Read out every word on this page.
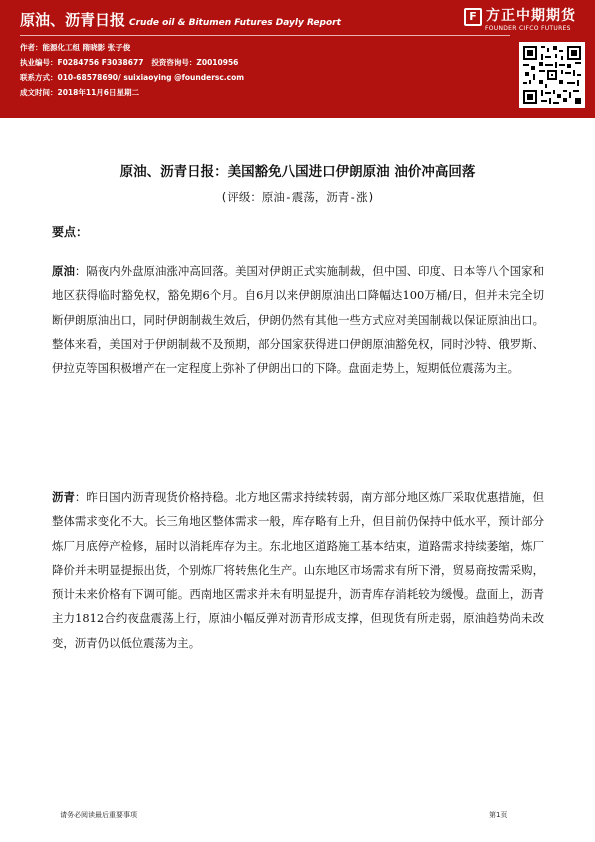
原油、沥青日报 Crude oil & Bitumen Futures Dayly Report
作者：能源化工组 隋晓影 张子俊
执业编号：F0284756 F3038677 投资咨询号：Z0010956
联系方式：010-68578690/ suixiaoying @foundersc.com
成文时间：2018年11月6日星期二
F 方正中期期货
FOUNDER CIFCO FUTURES
原油、沥青日报：美国豁免八国进口伊朗原油 油价冲高回落
(评级：原油-震荡，沥青-涨)
要点：

原油：隔夜内外盘原油涨冲高回落。美国对伊朗正式实施制裁，但中国、印度、日本等八个国家和地区获得临时豁免权，豁免期6个月。自6月以来伊朗原油出口降幅达100万桶/日，但并未完全切断伊朗原油出口，同时伊朗制裁生效后，伊朗仍然有其他一些方式应对美国制裁以保证原油出口。整体来看，美国对于伊朗制裁不及预期，部分国家获得进口伊朗原油豁免权，同时沙特、俄罗斯、伊拉克等国积极增产在一定程度上弥补了伊朗出口的下降。盘面走势上，短期低位震荡为主。

沥青：昨日国内沥青现货价格持稳。北方地区需求持续转弱，南方部分地区炼厂采取优惠措施，但整体需求变化不大。长三角地区整体需求一般，库存略有上升，但目前仍保持中低水平，预计部分炼厂月底停产检修，届时以消耗库存为主。东北地区道路施工基本结束，道路需求持续萎缩，炼厂降价并未明显提振出货，个别炼厂将转焦化生产。山东地区市场需求有所下滑，贸易商按需采购，预计未来价格有下调可能。西南地区需求并未有明显提升，沥青库存消耗较为缓慢。盘面上，沥青主力1812合约夜盘震荡上行，原油小幅反弹对沥青形成支撑，但现货有所走弱，原油趋势尚未改变，沥青仍以低位震荡为主。

请务必阅读最后重要事项	第1页
